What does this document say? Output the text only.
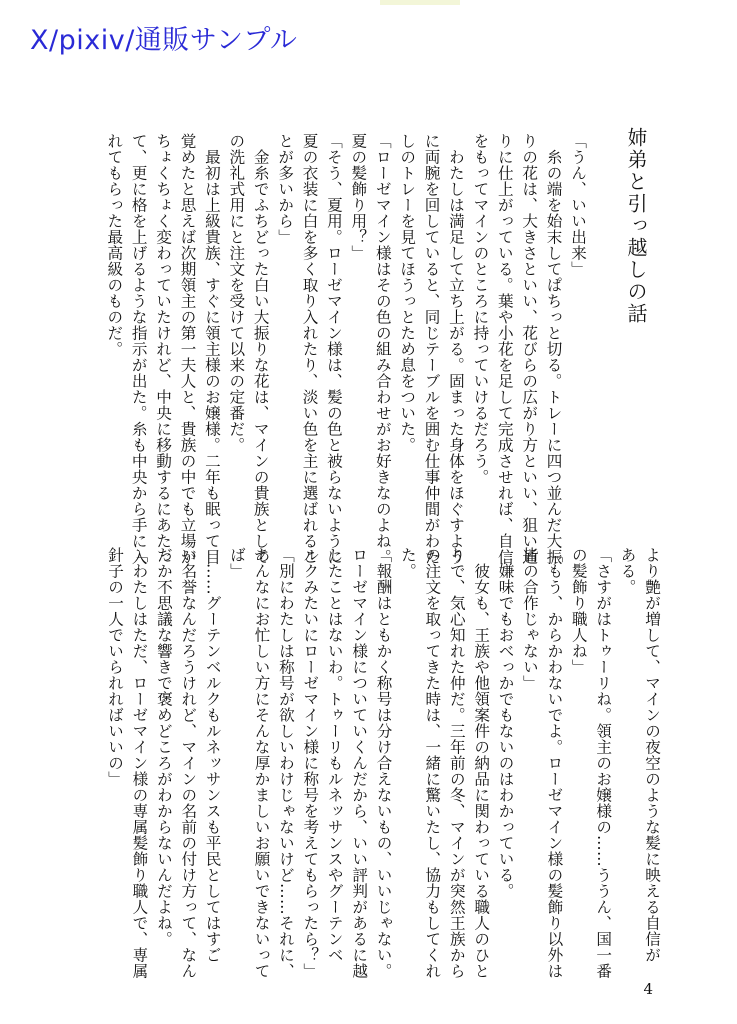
X/pixiv/通販サンプル
姉弟と引っ越しの話
「うん、いい出来」
　糸の端を始末してぱちっと切る。トレーに四つ並んだ大振
りの花は、大きさといい、花びらの広がり方といい、狙い通
りに仕上がっている。葉や小花を足して完成させれば、自信
をもってマインのところに持っていけるだろう。
　わたしは満足して立ち上がる。固まった身体をほぐすよう
に両腕を回していると、同じテーブルを囲む仕事仲間がわた
しのトレーを見てほうっとため息をついた。
「ローゼマイン様はその色の組み合わせがお好きなのよね。
夏の髪飾り用？」
「そう、夏用。ローゼマイン様は、髪の色と被らないように
夏の衣装に白を多く取り入れたり、淡い色を主に選ばれるこ
とが多いから」
　金糸でふちどった白い大振りな花は、マインの貴族として
の洗礼式用にと注文を受けて以来の定番だ。
　最初は上級貴族、すぐに領主様のお嬢様。二年も眠って目
覚めたと思えば次期領主の第一夫人と、貴族の中でも立場が
ちょくちょく変わっていたけれど、中央に移動するにあたっ
て、更に格を上げるような指示が出た。糸も中央から手に入
れてもらった最高級のものだ。
より艶が増して、マインの夜空のような髪に映える自信が
ある。
「さすがはトゥーリね。領主のお嬢様の……ううん、国一番
の髪飾り職人ね」
「もう、からかわないでよ。ローゼマイン様の髪飾り以外は
皆の合作じゃない」
　嫌味でもおべっかでもないのはわかっている。
　彼女も、王族や他領案件の納品に関わっている職人のひと
りで、気心知れた仲だ。三年前の冬、マインが突然王族から
の注文を取ってきた時は、一緒に驚いたし、協力もしてくれ
た。
「報酬はともかく称号は分け合えないもの、いいじゃない。
ローゼマイン様についていくんだから、いい評判があるに越
したことはないわ。トゥーリもルネッサンスやグーテンベ
ルクみたいにローゼマイン様に称号を考えてもらったら？」
「別にわたしは称号が欲しいわけじゃないけど……それに、
あんなにお忙しい方にそんな厚かましいお願いできないって
ば」
　……グーテンベルクもルネッサンスも平民としてはすご
い名誉なんだろうけれど、マインの名前の付け方って、なん
だか不思議な響きで褒めどころがわからないんだよね。
「わたしはただ、ローゼマイン様の専属髪飾り職人で、専属
針子の一人でいられればいいの」
4
